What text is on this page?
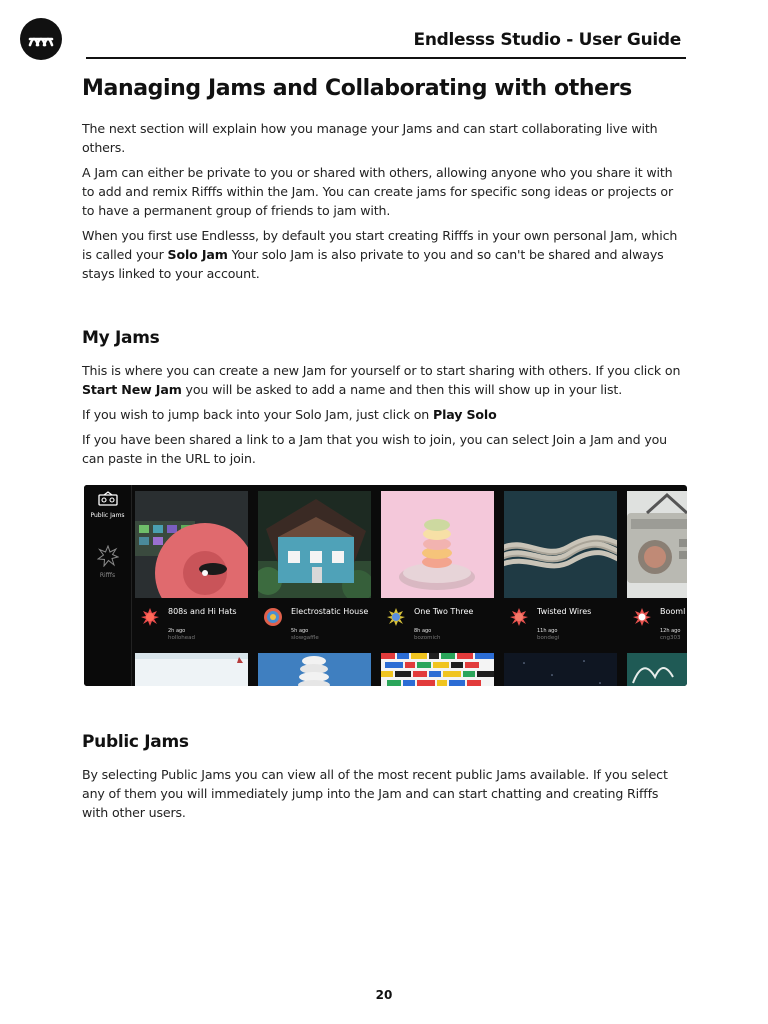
Endlesss Studio - User Guide
Managing Jams and Collaborating with others

The next section will explain how you manage your Jams and can start collaborating live with others.

A Jam can either be private to you or shared with others, allowing anyone who you share it with to add and remix Rifffs within the Jam. You can create jams for specific song ideas or projects or to have a permanent group of friends to jam with.

When you first use Endlesss, by default you start creating Rifffs in your own personal Jam, which is called your Solo Jam Your solo Jam is also private to you and so can't be shared and always stays linked to your account.

My Jams

This is where you can create a new Jam for yourself or to start sharing with others. If you click on Start New Jam you will be asked to add a name and then this will show up in your list.

If you wish to jump back into your Solo Jam, just click on Play Solo

If you have been shared a link to a Jam that you wish to join, you can select Join a Jam and you can paste in the URL to join.

Public Jams
Rifffs
808s and Hi Hats
2h ago
hollohead
Electrostatic House
5h ago
slowgaffle
One Two Three
8h ago
bozomich
Twisted Wires
11h ago
bondegi
Booml
12h ago
cng303
Public Jams

By selecting Public Jams you can view all of the most recent public Jams available. If you select any of them you will immediately jump into the Jam and can start chatting and creating Rifffs with other users.

20
